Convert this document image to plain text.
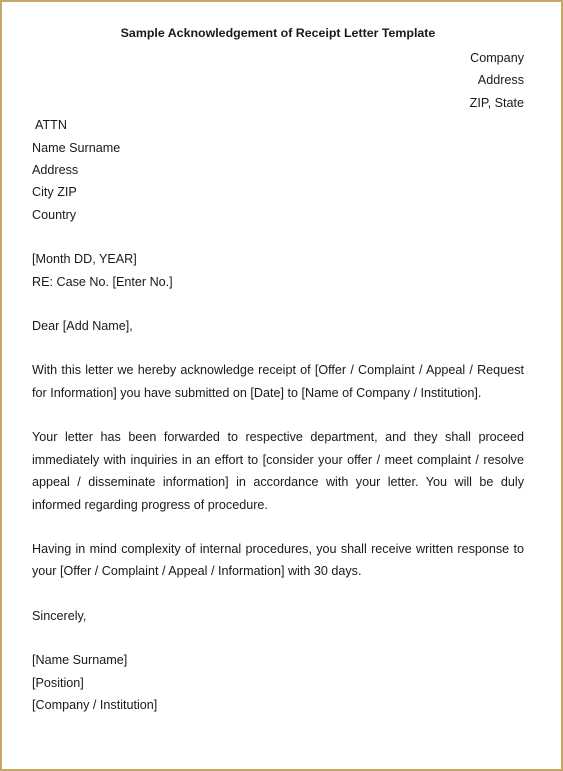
Sample Acknowledgement of Receipt Letter Template
Company
Address
ZIP, State
ATTN
Name Surname
Address
City ZIP
Country
[Month DD, YEAR]
RE: Case No. [Enter No.]
Dear [Add Name],
With this letter we hereby acknowledge receipt of [Offer / Complaint / Appeal / Request for Information] you have submitted on [Date] to [Name of Company / Institution].
Your letter has been forwarded to respective department, and they shall proceed immediately with inquiries in an effort to [consider your offer / meet complaint / resolve appeal / disseminate information] in accordance with your letter. You will be duly informed regarding progress of procedure.
Having in mind complexity of internal procedures, you shall receive written response to your [Offer / Complaint / Appeal / Information] with 30 days.
Sincerely,
[Name Surname]
[Position]
[Company / Institution]
